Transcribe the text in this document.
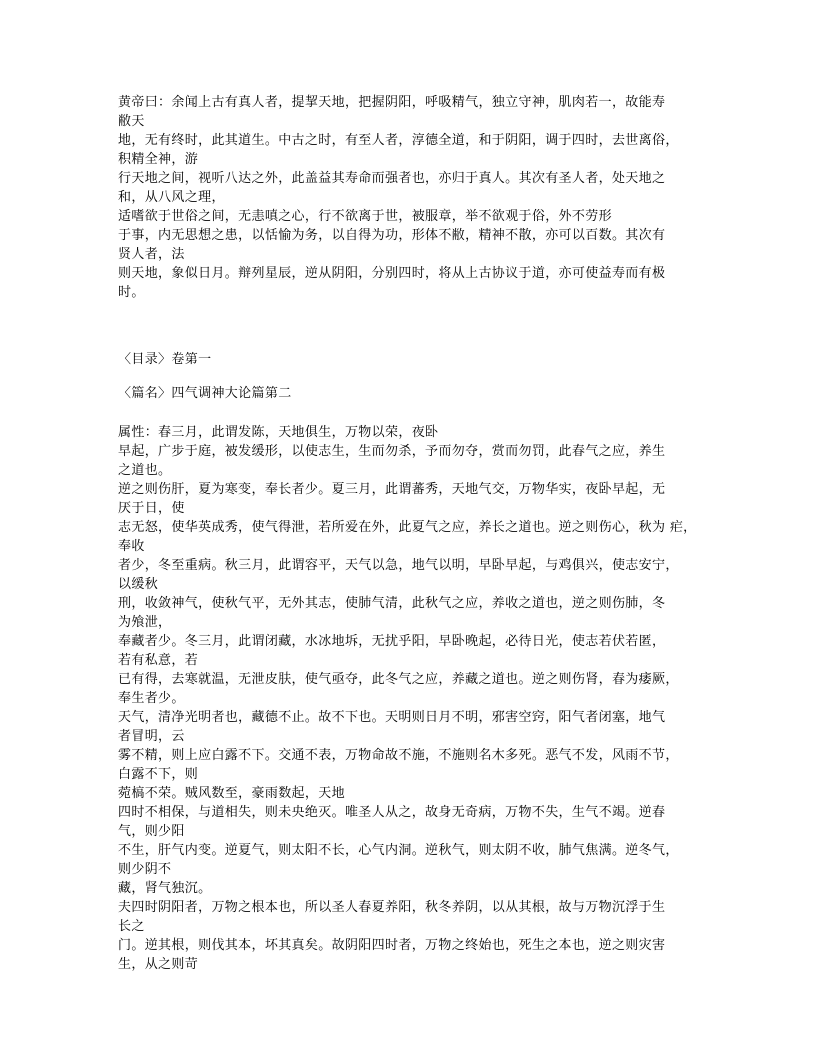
黄帝曰：余闻上古有真人者，提挈天地，把握阴阳，呼吸精气，独立守神，肌肉若一，故能寿
敝天
地，无有终时，此其道生。中古之时，有至人者，淳德全道，和于阴阳，调于四时，去世离俗，
积精全神，游
行天地之间，视听八达之外，此盖益其寿命而强者也，亦归于真人。其次有圣人者，处天地之
和，从八风之理，
适嗜欲于世俗之间，无恚嗔之心，行不欲离于世，被服章，举不欲观于俗，外不劳形
于事，内无思想之患，以恬愉为务，以自得为功，形体不敝，精神不散，亦可以百数。其次有
贤人者，法
则天地，象似日月。辩列星辰，逆从阴阳，分别四时，将从上古协议于道，亦可使益寿而有极
时。
〈目录〉卷第一
〈篇名〉四气调神大论篇第二
属性：春三月，此谓发陈，天地俱生，万物以荣，夜卧
早起，广步于庭，被发缓形，以使志生，生而勿杀，予而勿夺，赏而勿罚，此春气之应，养生
之道也。
逆之则伤肝，夏为寒变，奉长者少。夏三月，此谓蕃秀，天地气交，万物华实，夜卧早起，无
厌于日，使
志无怒，使华英成秀，使气得泄，若所爱在外，此夏气之应，养长之道也。逆之则伤心，秋为 疟，
奉收
者少，冬至重病。秋三月，此谓容平，天气以急，地气以明，早卧早起，与鸡俱兴，使志安宁，
以缓秋
刑，收敛神气，使秋气平，无外其志，使肺气清，此秋气之应，养收之道也，逆之则伤肺，冬
为飧泄，
奉藏者少。冬三月，此谓闭藏，水冰地坼，无扰乎阳，早卧晚起，必待日光，使志若伏若匿，
若有私意，若
已有得，去寒就温，无泄皮肤，使气亟夺，此冬气之应，养藏之道也。逆之则伤肾，春为痿厥，
奉生者少。
天气，清净光明者也，藏德不止。故不下也。天明则日月不明，邪害空窍，阳气者闭塞，地气
者冒明，云
雾不精，则上应白露不下。交通不表，万物命故不施，不施则名木多死。恶气不发，风雨不节，
白露不下，则
菀槁不荣。贼风数至，豪雨数起，天地
四时不相保，与道相失，则未央绝灭。唯圣人从之，故身无奇病，万物不失，生气不竭。逆春
气，则少阳
不生，肝气内变。逆夏气，则太阳不长，心气内洞。逆秋气，则太阴不收，肺气焦满。逆冬气，
则少阴不
藏，肾气独沉。
夫四时阴阳者，万物之根本也，所以圣人春夏养阳，秋冬养阴，以从其根，故与万物沉浮于生
长之
门。逆其根，则伐其本，坏其真矣。故阴阳四时者，万物之终始也，死生之本也，逆之则灾害
生，从之则苛
